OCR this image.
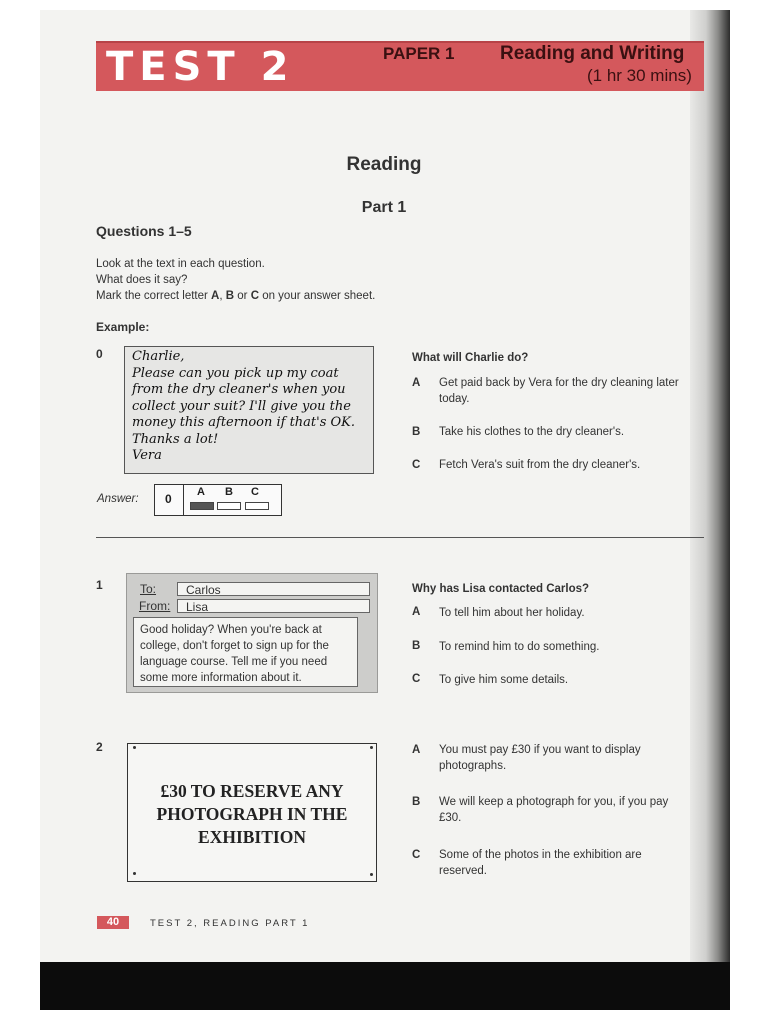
TEST 2	PAPER 1 Reading and Writing
(1 hr 30 mins)
Reading
Part 1
Questions 1–5
Look at the text in each question.
What does it say?
Mark the correct letter A, B or C on your answer sheet.
Example:
0 Charlie,
Please can you pick up my coat
from the dry cleaner's when you
collect your suit? I'll give you the
money this afternoon if that's OK.
Thanks a lot!
Vera
What will Charlie do?
A Get paid back by Vera for the dry cleaning later today.
B Take his clothes to the dry cleaner's.
C Fetch Vera's suit from the dry cleaner's.
Answer: 0 A B C
1	To:	Carlos
From:	Lisa
Good holiday? When you're back at college, don't forget to sign up for the language course. Tell me if you need some more information about it.
Why has Lisa contacted Carlos?
A To tell him about her holiday.
B To remind him to do something.
C To give him some details.
2
£30 TO RESERVE ANY PHOTOGRAPH IN THE EXHIBITION
A You must pay £30 if you want to display photographs.
B We will keep a photograph for you, if you pay £30.
C Some of the photos in the exhibition are reserved.
40	TEST 2, READING PART 1
